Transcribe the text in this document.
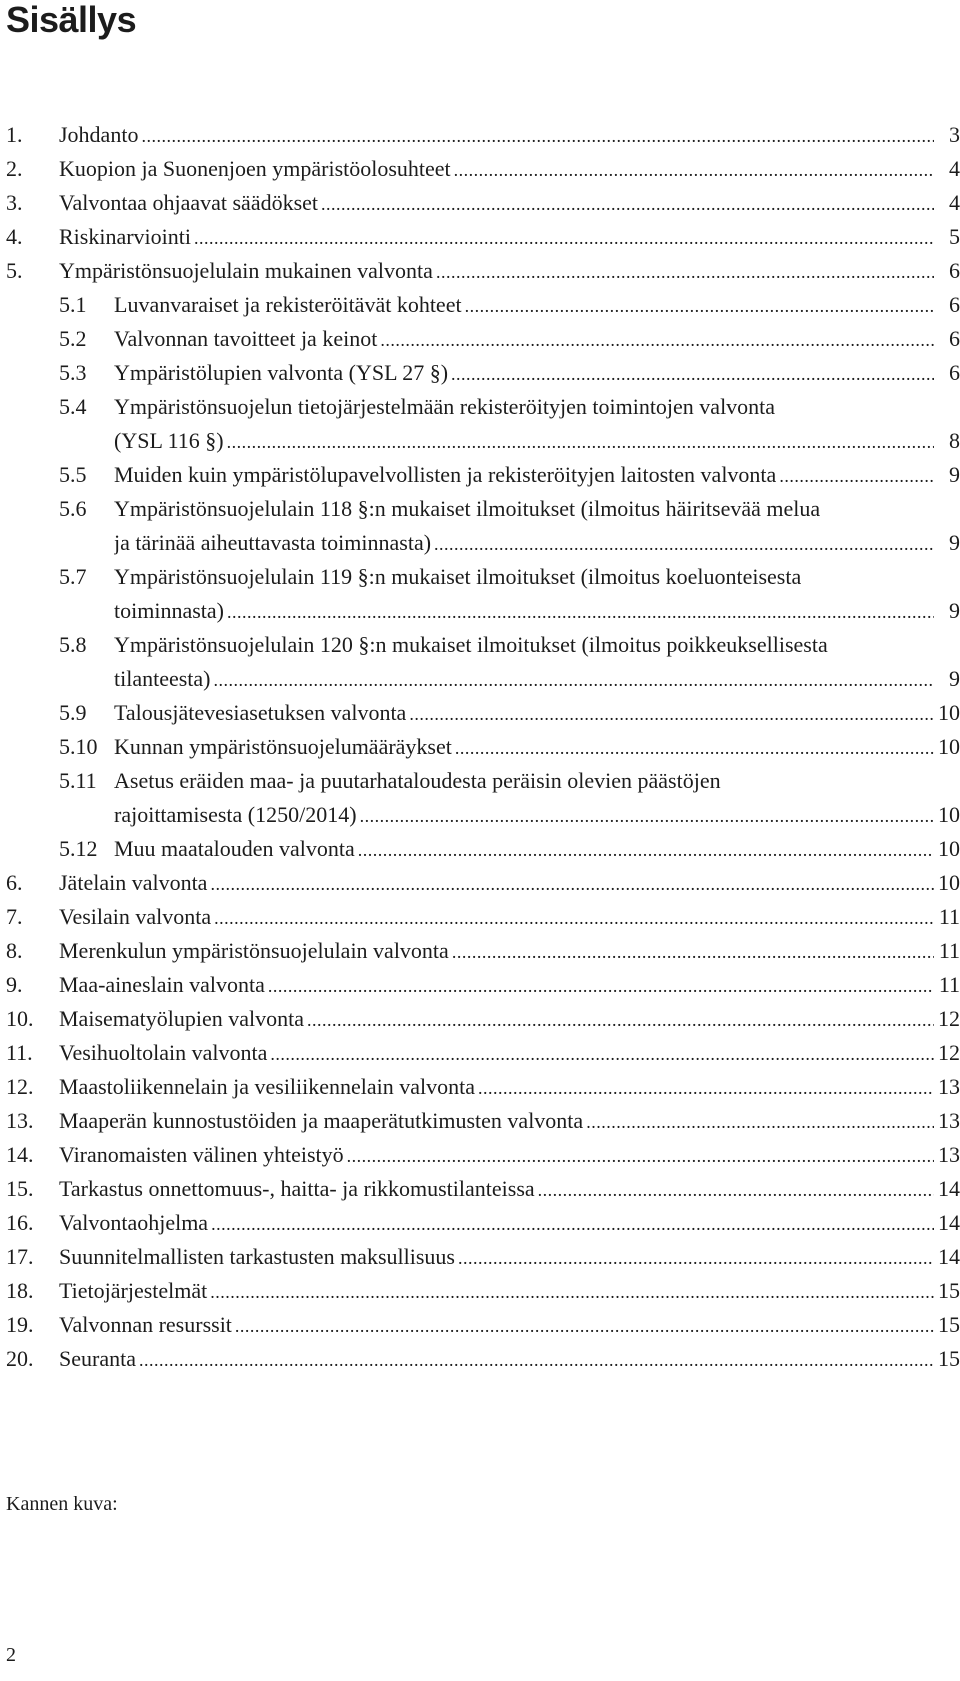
Sisällys
1. Johdanto . . .	3
2. Kuopion ja Suonenjoen ympäristöolosuhteet . . .	4
3. Valvontaa ohjaavat säädökset . . .	4
4. Riskinarviointi . . .	5
5. Ympäristönsuojelulain mukainen valvonta . . .	6
5.1 Luvanvaraiset ja rekisteröitävät kohteet . . .	6
5.2 Valvonnan tavoitteet ja keinot . . .	6
5.3 Ympäristölupien valvonta (YSL 27 §) . . .	6
5.4 Ympäristönsuojelun tietojärjestelmään rekisteröityjen toimintojen valvonta
(YSL 116 §) . . .	8
5.5 Muiden kuin ympäristölupavelvollisten ja rekisteröityjen laitosten valvonta . . .	9
5.6 Ympäristönsuojelulain 118 §:n mukaiset ilmoitukset (ilmoitus häiritsevää melua
ja tärinää aiheuttavasta toiminnasta) . . .	9
5.7 Ympäristönsuojelulain 119 §:n mukaiset ilmoitukset (ilmoitus koeluonteisesta
toiminnasta) . . .	9
5.8 Ympäristönsuojelulain 120 §:n mukaiset ilmoitukset (ilmoitus poikkeuksellisesta
tilanteesta) . . .	9
5.9 Talousjätevesiasetuksen valvonta . . .	10
5.10 Kunnan ympäristönsuojelumääräykset . . .	10
5.11 Asetus eräiden maa- ja puutarhataloudesta peräisin olevien päästöjen
rajoittamisesta (1250/2014) . . .	10
5.12 Muu maatalouden valvonta . . .	10
6. Jätelain valvonta . . .	10
7. Vesilain valvonta . . .	11
8. Merenkulun ympäristönsuojelulain valvonta . . .	11
9. Maa-aineslain valvonta . . .	11
10. Maisematyölupien valvonta . . .	12
11. Vesihuoltolain valvonta . . .	12
12. Maastoliikennelain ja vesiliikennelain valvonta . . .	13
13. Maaperän kunnostustöiden ja maaperätutkimusten valvonta . . .	13
14. Viranomaisten välinen yhteistyö . . .	13
15. Tarkastus onnettomuus-, haitta- ja rikkomustilanteissa . . .	14
16. Valvontaohjelma . . .	14
17. Suunnitelmallisten tarkastusten maksullisuus . . .	14
18. Tietojärjestelmät . . .	15
19. Valvonnan resurssit . . .	15
20. Seuranta . . .	15

Kannen kuva:

2
